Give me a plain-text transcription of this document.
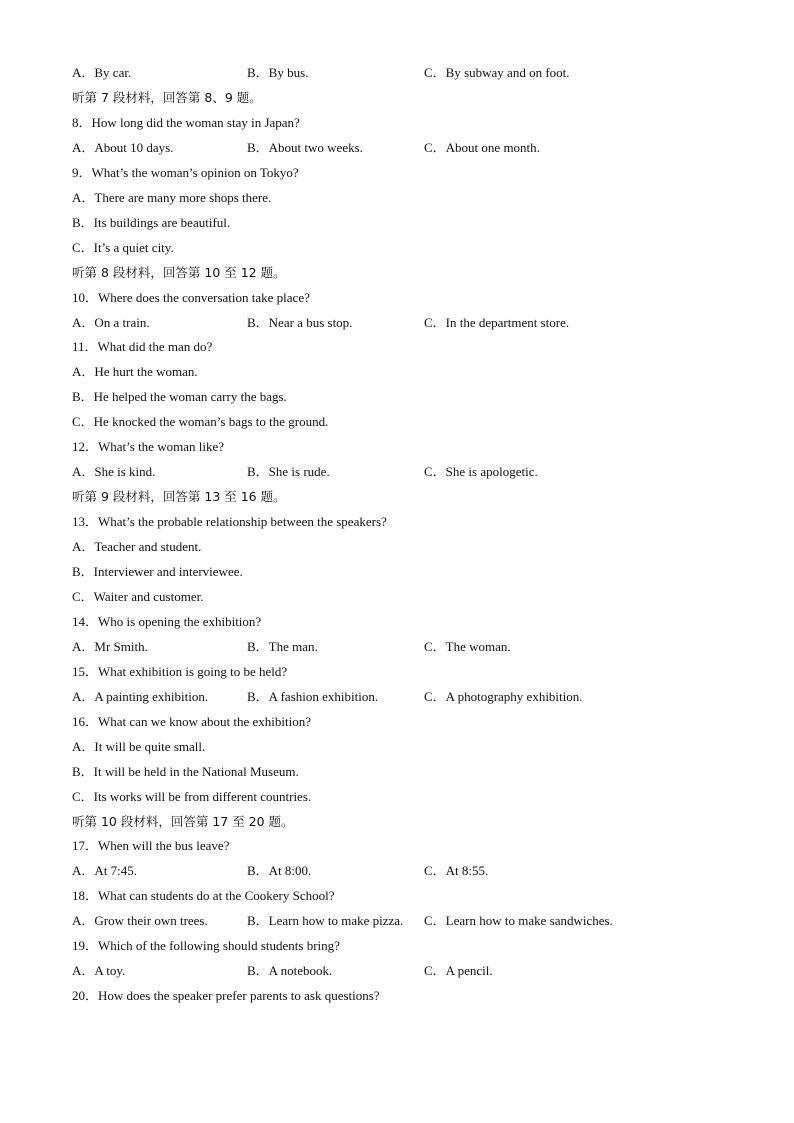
A．By car.	B．By bus.	C．By subway and on foot.
听第 7 段材料，回答第 8、9 题。
8．How long did the woman stay in Japan?
A．About 10 days.	B．About two weeks.	C．About one month.
9．What’s the woman’s opinion on Tokyo?
A．There are many more shops there.
B．Its buildings are beautiful.
C．It’s a quiet city.
听第 8 段材料，回答第 10 至 12 题。
10．Where does the conversation take place?
A．On a train.	B．Near a bus stop.	C．In the department store.
11．What did the man do?
A．He hurt the woman.
B．He helped the woman carry the bags.
C．He knocked the woman’s bags to the ground.
12．What’s the woman like?
A．She is kind.	B．She is rude.	C．She is apologetic.
听第 9 段材料，回答第 13 至 16 题。
13．What’s the probable relationship between the speakers?
A．Teacher and student.
B．Interviewer and interviewee.
C．Waiter and customer.
14．Who is opening the exhibition?
A．Mr Smith.	B．The man.	C．The woman.
15．What exhibition is going to be held?
A．A painting exhibition.	B．A fashion exhibition.	C．A photography exhibition.
16．What can we know about the exhibition?
A．It will be quite small.
B．It will be held in the National Museum.
C．Its works will be from different countries.
听第 10 段材料，回答第 17 至 20 题。
17．When will the bus leave?
A．At 7:45.	B．At 8:00.	C．At 8:55.
18．What can students do at the Cookery School?
A．Grow their own trees.	B．Learn how to make pizza. C．Learn how to make sandwiches.
19．Which of the following should students bring?
A．A toy.	B．A notebook.	C．A pencil.
20．How does the speaker prefer parents to ask questions?
